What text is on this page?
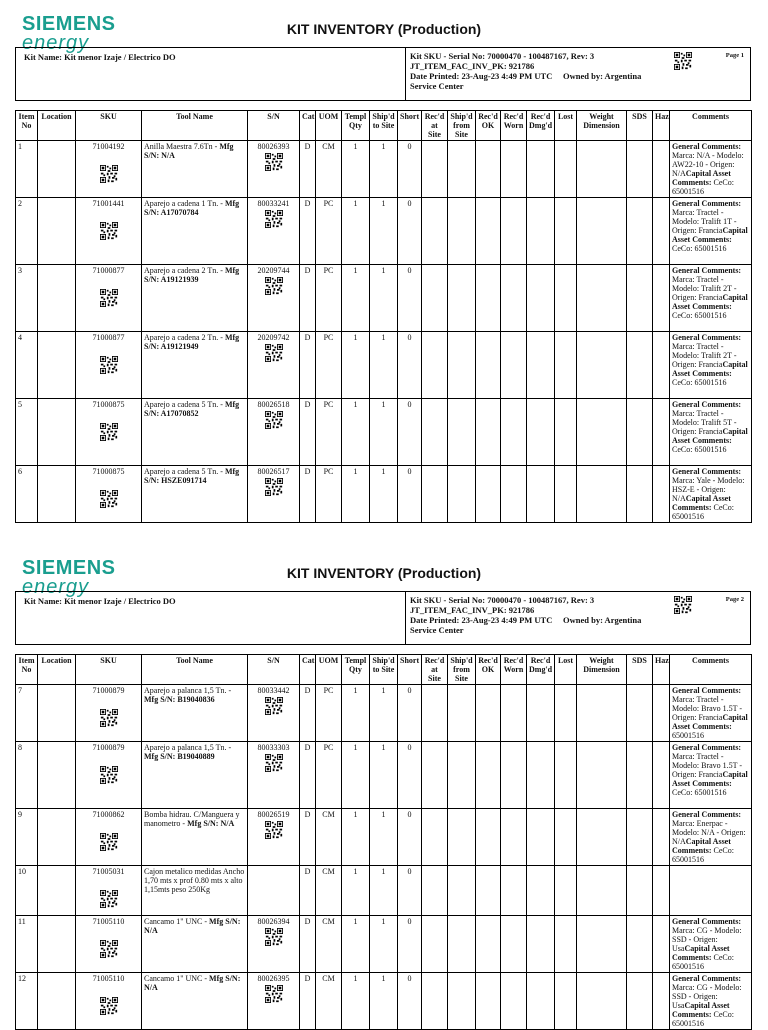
SIEMENS
energy
KIT INVENTORY (Production)
Kit Name: Kit menor Izaje / Electrico DO	Kit SKU - Serial No: 70000470 - 100487167, Rev: 3
JT_ITEM_FAC_INV_PK: 921786
Date Printed: 23-Aug-23 4:49 PM UTC Owned by: Argentina
Service Center
Page 1
Item No	Location	SKU	Tool Name	S/N	Cat	UOM	Templ Qty	Ship'd to Site	Short	Rec'd at Site	Ship'd from Site	Rec'd OK	Rec'd Worn	Rec'd Dmg'd	Lost	Weight Dimension	SDS	Haz	Comments
1		71004192	Anilla Maestra 7.6Tn - Mfg S/N: N/A	80026393	D	CM	1	1	0										General Comments: Marca: N/A - Modelo: AW22-10 - Origen: N/ACapital Asset Comments: CeCo: 65001516
2		71001441	Aparejo a cadena 1 Tn. - Mfg S/N: A17070784	80033241	D	PC	1	1	0										General Comments: Marca: Tractel - Modelo: Tralift 1T - Origen: FranciaCapital Asset Comments: CeCo: 65001516
3		71000877	Aparejo a cadena 2 Tn. - Mfg S/N: A19121939	20209744	D	PC	1	1	0										General Comments: Marca: Tractel - Modelo: Tralift 2T - Origen: FranciaCapital Asset Comments: CeCo: 65001516
4		71000877	Aparejo a cadena 2 Tn. - Mfg S/N: A19121949	20209742	D	PC	1	1	0										General Comments: Marca: Tractel - Modelo: Tralift 2T - Origen: FranciaCapital Asset Comments: CeCo: 65001516
5		71000875	Aparejo a cadena 5 Tn. - Mfg S/N: A17070852	80026518	D	PC	1	1	0										General Comments: Marca: Tractel - Modelo: Tralift 5T - Origen: FranciaCapital Asset Comments: CeCo: 65001516
6		71000875	Aparejo a cadena 5 Tn. - Mfg S/N: HSZE091714	80026517	D	PC	1	1	0										General Comments: Marca: Yale - Modelo: HSZ-E - Origen: N/ACapital Asset Comments: CeCo: 65001516
SIEMENS
energy
KIT INVENTORY (Production)
Kit Name: Kit menor Izaje / Electrico DO	Kit SKU - Serial No: 70000470 - 100487167, Rev: 3
JT_ITEM_FAC_INV_PK: 921786
Date Printed: 23-Aug-23 4:49 PM UTC Owned by: Argentina
Service Center
Page 2
Item No	Location	SKU	Tool Name	S/N	Cat	UOM	Templ Qty	Ship'd to Site	Short	Rec'd at Site	Ship'd from Site	Rec'd OK	Rec'd Worn	Rec'd Dmg'd	Lost	Weight Dimension	SDS	Haz	Comments
7		71000879	Aparejo a palanca 1,5 Tn. - Mfg S/N: B19040836	80033442	D	PC	1	1	0										General Comments: Marca: Tractel - Modelo: Bravo 1.5T - Origen: FranciaCapital Asset Comments: 65001516
8		71000879	Aparejo a palanca 1,5 Tn. - Mfg S/N: B19040889	80033303	D	PC	1	1	0										General Comments: Marca: Tractel - Modelo: Bravo 1.5T - Origen: FranciaCapital Asset Comments: CeCo: 65001516
9		71000862	Bomba hidrau. C/Manguera y manometro - Mfg S/N: N/A	80026519	D	CM	1	1	0										General Comments: Marca: Enerpac - Modelo: N/A - Origen: N/ACapital Asset Comments: CeCo: 65001516
10		71005031	Cajon metalico medidas Ancho 1,70 mts x prof 0.80 mts x alto 1,15mts peso 250Kg		D	CM	1	1	0										
11		71005110	Cancamo 1" UNC - Mfg S/N: N/A	80026394	D	CM	1	1	0										General Comments: Marca: CG - Modelo: SSD - Origen: UsaCapital Asset Comments: CeCo: 65001516
12		71005110	Cancamo 1" UNC - Mfg S/N: N/A	80026395	D	CM	1	1	0										General Comments: Marca: CG - Modelo: SSD - Origen: UsaCapital Asset Comments: CeCo: 65001516
